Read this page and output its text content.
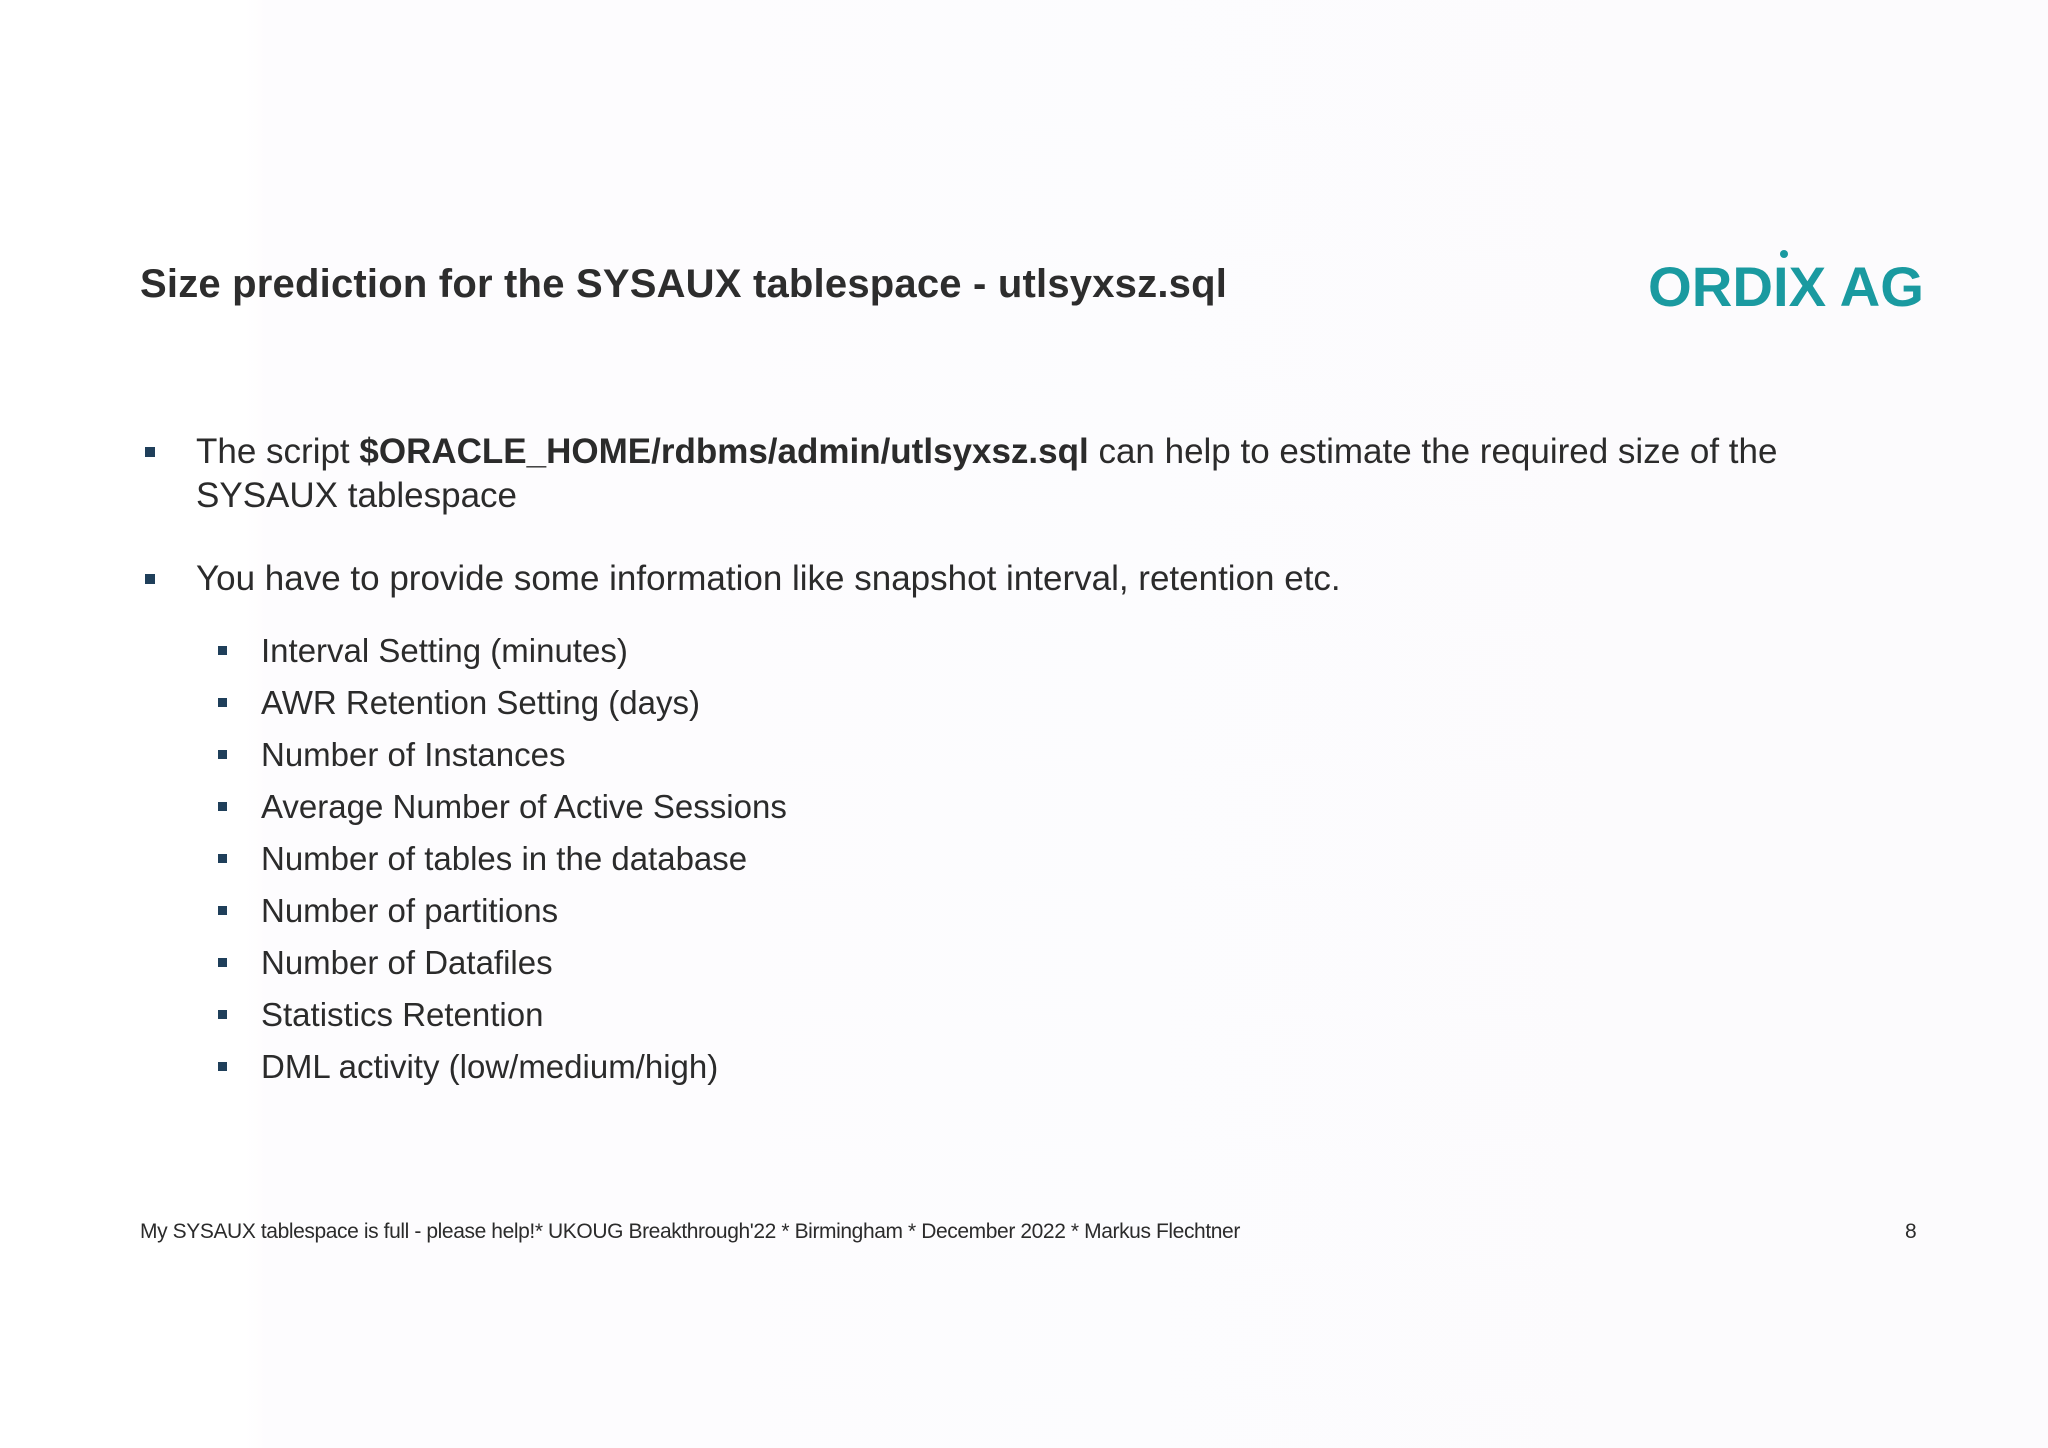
Size prediction for the SYSAUX tablespace - utlsyxsz.sql	ORDIX AG
The script $ORACLE_HOME/rdbms/admin/utlsyxsz.sql can help to estimate the required size of the SYSAUX tablespace
You have to provide some information like snapshot interval, retention etc.
Interval Setting (minutes)
AWR Retention Setting (days)
Number of Instances
Average Number of Active Sessions
Number of tables in the database
Number of partitions
Number of Datafiles
Statistics Retention
DML activity (low/medium/high)
My SYSAUX tablespace is full - please help!* UKOUG Breakthrough'22 * Birmingham * December 2022 * Markus Flechtner	8
